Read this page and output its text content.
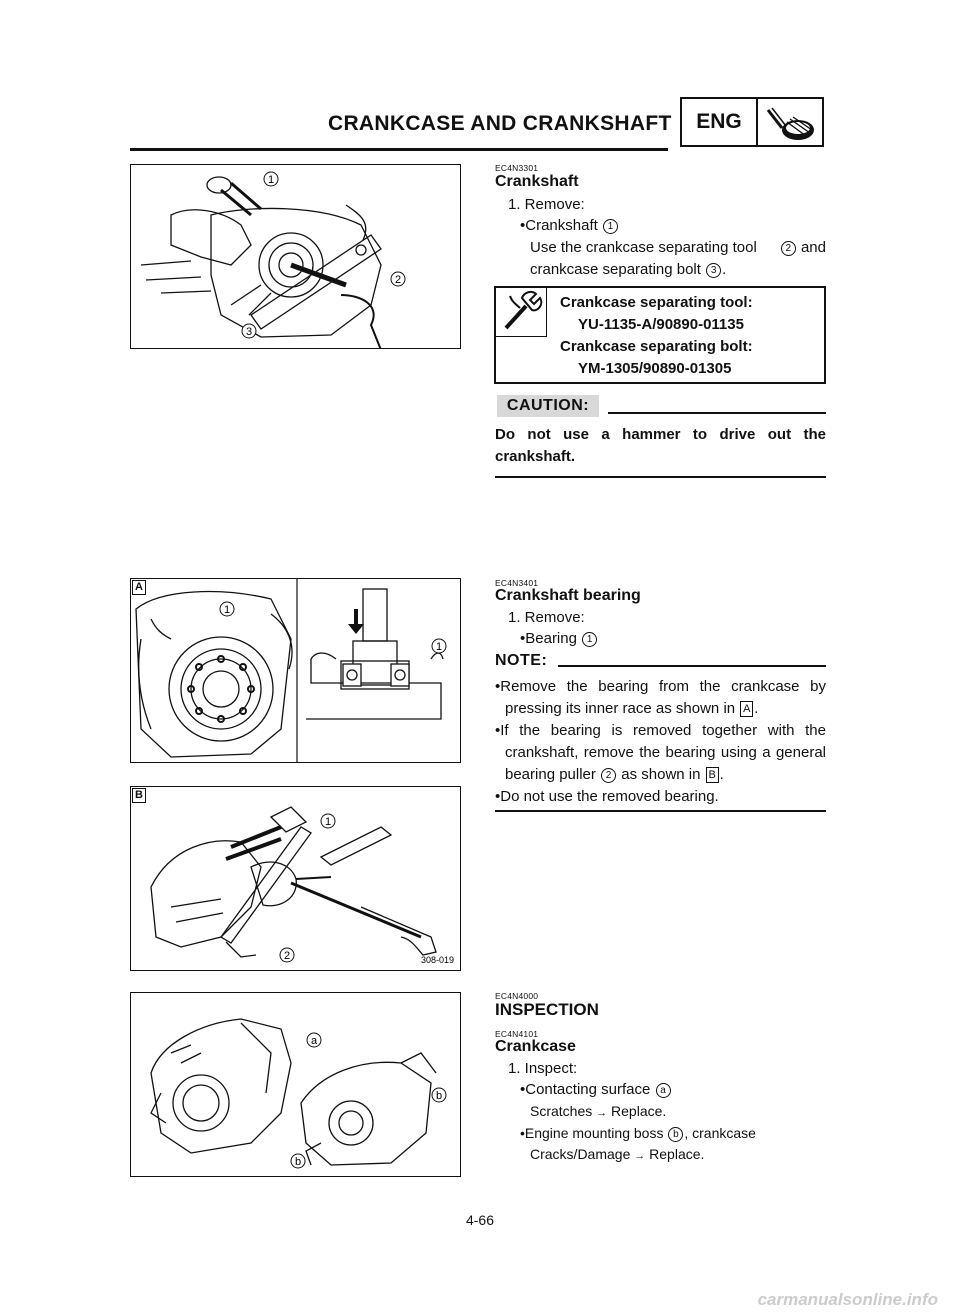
CRANKCASE AND CRANKSHAFT	ENG
1
2
3
EC4N3301
Crankshaft
1. Remove:
•Crankshaft 1
Use the crankcase separating tool	2 and
crankcase separating bolt 3 .
Crankcase separating tool:
YU-1135-A/90890-01135
Crankcase separating bolt:
YM-1305/90890-01305
CAUTION:
Do not use a hammer to drive out the
crankshaft.
A
1
1
B
308-019
1
2
EC4N3401
Crankshaft bearing
1. Remove:
•Bearing 1
NOTE:
•Remove the bearing from the crankcase by
pressing its inner race as shown in A .
•If the bearing is removed together with the
crankshaft, remove the bearing using a general
bearing puller 2 as shown in B .
•Do not use the removed bearing.
a
b
b
EC4N4000
INSPECTION
EC4N4101
Crankcase
1. Inspect:
•Contacting surface a
Scratches → Replace.
•Engine mounting boss b , crankcase
Cracks/Damage → Replace.
4-66
carmanualsonline.info
